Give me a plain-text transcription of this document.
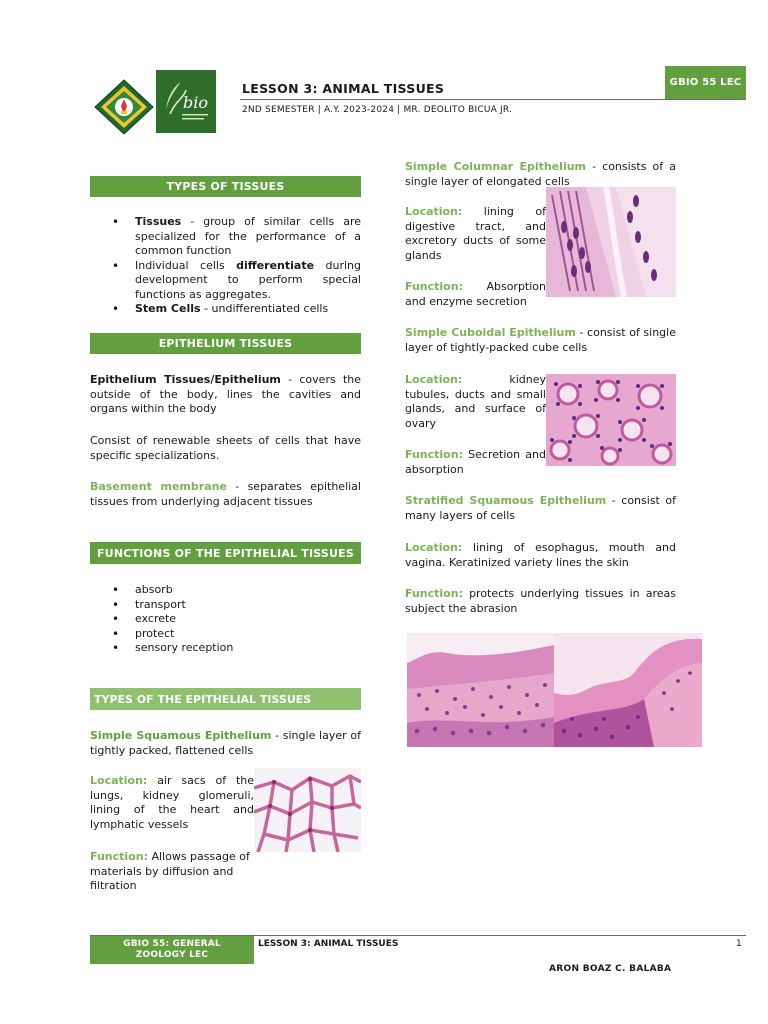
bio
LESSON 3: ANIMAL TISSUES
2ND SEMESTER | A.Y. 2023-2024 | MR. DEOLITO BICUA JR.
GBIO 55 LEC
TYPES OF TISSUES
• Tissues - group of similar cells are specialized for the performance of a common function
• Individual cells differentiate during development to perform special functions as aggregates.
• Stem Cells - undifferentiated cells
EPITHELIUM TISSUES
Epithelium Tissues/Epithelium - covers the outside of the body, lines the cavities and organs within the body
Consist of renewable sheets of cells that have specific specializations.
Basement membrane - separates epithelial tissues from underlying adjacent tissues
FUNCTIONS OF THE EPITHELIAL TISSUES
• absorb
• transport
• excrete
• protect
• sensory reception
TYPES OF THE EPITHELIAL TISSUES
Simple Squamous Epithelium - single layer of tightly packed, flattened cells
Location: air sacs of the lungs, kidney glomeruli, lining of the heart and lymphatic vessels
Function: Allows passage of materials by diffusion and filtration
Simple Columnar Epithelium - consists of a single layer of elongated cells
Location: lining of digestive tract, and excretory ducts of some glands
Function: Absorption and enzyme secretion
Simple Cuboidal Epithelium - consist of single layer of tightly-packed cube cells
Location: kidney tubules, ducts and small glands, and surface of ovary
Function: Secretion and absorption
Stratified Squamous Epithelium - consist of many layers of cells
Location: lining of esophagus, mouth and vagina. Keratinized variety lines the skin
Function: protects underlying tissues in areas subject the abrasion
GBIO 55: GENERAL ZOOLOGY LEC
LESSON 3: ANIMAL TISSUES	1
ARON BOAZ C. BALABA
